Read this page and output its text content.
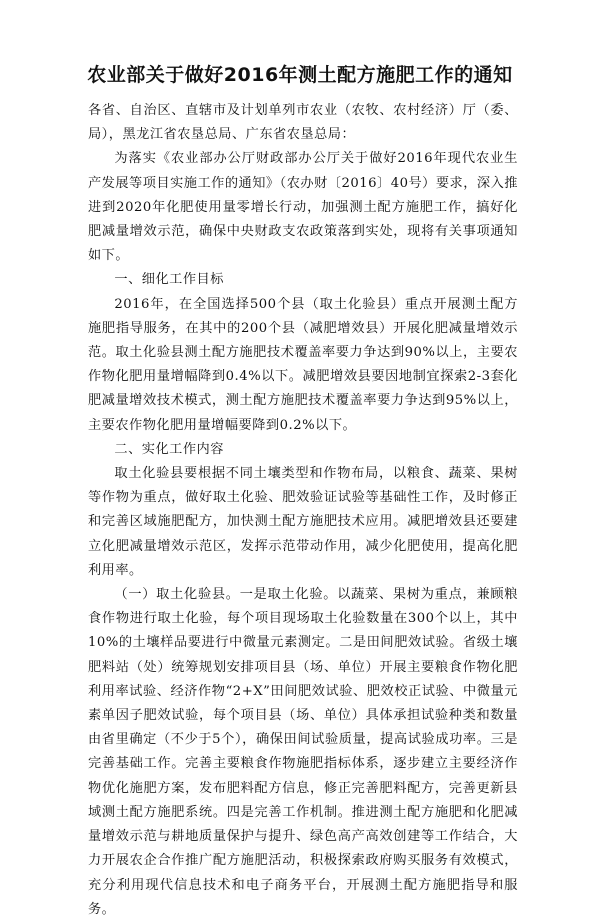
农业部关于做好2016年测土配方施肥工作的通知

各省、自治区、直辖市及计划单列市农业（农牧、农村经济）厅（委、局），黑龙江省农垦总局、广东省农垦总局：

为落实《农业部办公厅财政部办公厅关于做好2016年现代农业生产发展等项目实施工作的通知》（农办财〔2016〕40号）要求，深入推进到2020年化肥使用量零增长行动，加强测土配方施肥工作，搞好化肥减量增效示范，确保中央财政支农政策落到实处，现将有关事项通知如下。

一、细化工作目标

2016年，在全国选择500个县（取土化验县）重点开展测土配方施肥指导服务，在其中的200个县（减肥增效县）开展化肥减量增效示范。取土化验县测土配方施肥技术覆盖率要力争达到90%以上，主要农作物化肥用量增幅降到0.4%以下。减肥增效县要因地制宜探索2-3套化肥减量增效技术模式，测土配方施肥技术覆盖率要力争达到95%以上，主要农作物化肥用量增幅要降到0.2%以下。

二、实化工作内容

取土化验县要根据不同土壤类型和作物布局，以粮食、蔬菜、果树等作物为重点，做好取土化验、肥效验证试验等基础性工作，及时修正和完善区域施肥配方，加快测土配方施肥技术应用。减肥增效县还要建立化肥减量增效示范区，发挥示范带动作用，减少化肥使用，提高化肥利用率。

（一）取土化验县。一是取土化验。以蔬菜、果树为重点，兼顾粮食作物进行取土化验，每个项目现场取土化验数量在300个以上，其中10%的土壤样品要进行中微量元素测定。二是田间肥效试验。省级土壤肥料站（处）统筹规划安排项目县（场、单位）开展主要粮食作物化肥利用率试验、经济作物“2+X”田间肥效试验、肥效校正试验、中微量元素单因子肥效试验，每个项目县（场、单位）具体承担试验种类和数量由省里确定（不少于5个），确保田间试验质量，提高试验成功率。三是完善基础工作。完善主要粮食作物施肥指标体系，逐步建立主要经济作物优化施肥方案，发布肥料配方信息，修正完善肥料配方，完善更新县域测土配方施肥系统。四是完善工作机制。推进测土配方施肥和化肥减量增效示范与耕地质量保护与提升、绿色高产高效创建等工作结合，大力开展农企合作推广配方施肥活动，积极探索政府购买服务有效模式，充分利用现代信息技术和电子商务平台，开展测土配方施肥指导和服务。
